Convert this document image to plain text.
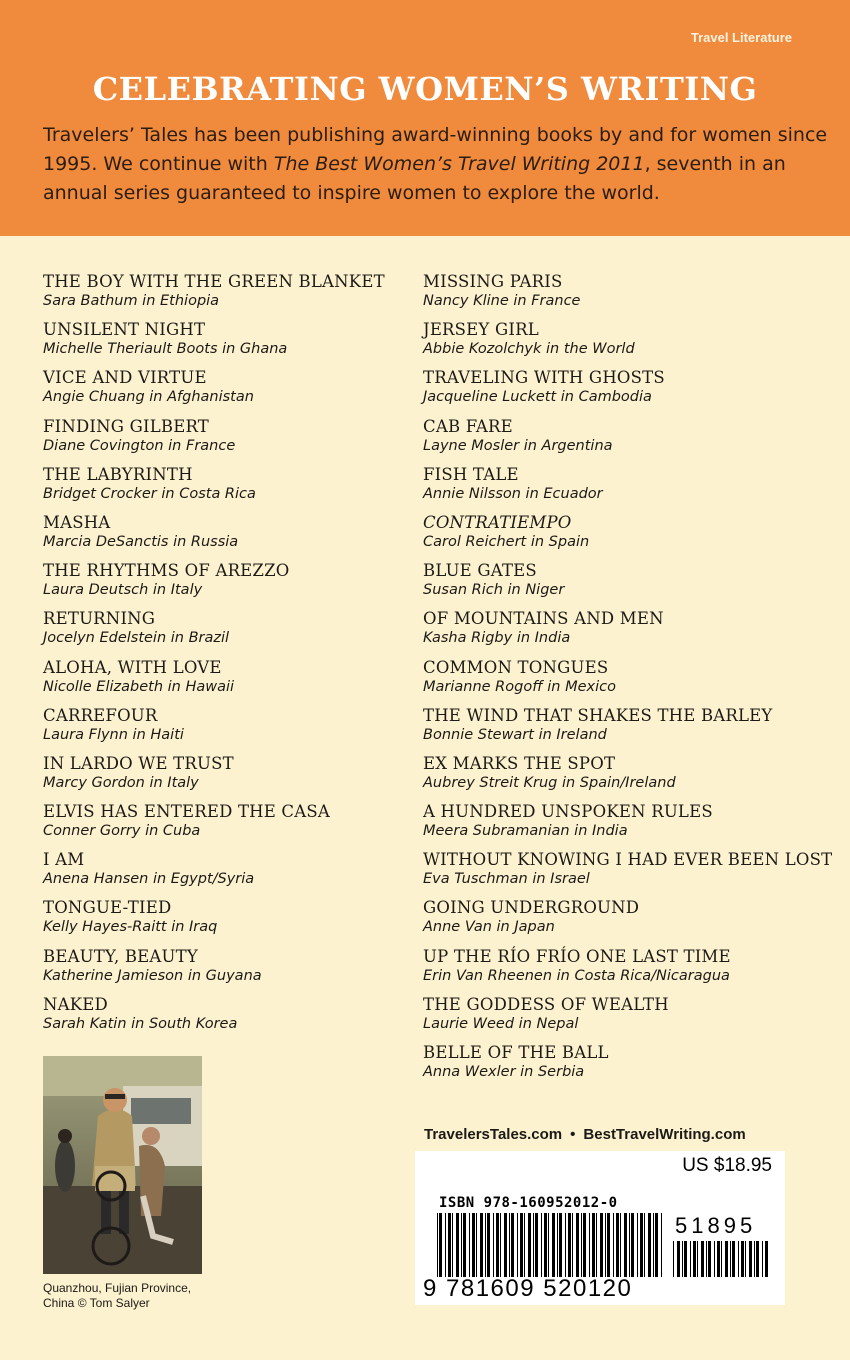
Travel Literature
CELEBRATING WOMEN’S WRITING
Travelers’ Tales has been publishing award-winning books by and for women since 1995. We continue with The Best Women’s Travel Writing 2011, seventh in an annual series guaranteed to inspire women to explore the world.
THE BOY WITH THE GREEN BLANKET
Sara Bathum in Ethiopia
UNSILENT NIGHT
Michelle Theriault Boots in Ghana
VICE AND VIRTUE
Angie Chuang in Afghanistan
FINDING GILBERT
Diane Covington in France
THE LABYRINTH
Bridget Crocker in Costa Rica
MASHA
Marcia DeSanctis in Russia
THE RHYTHMS OF AREZZO
Laura Deutsch in Italy
RETURNING
Jocelyn Edelstein in Brazil
ALOHA, WITH LOVE
Nicolle Elizabeth in Hawaii
CARREFOUR
Laura Flynn in Haiti
IN LARDO WE TRUST
Marcy Gordon in Italy
ELVIS HAS ENTERED THE CASA
Conner Gorry in Cuba
I AM
Anena Hansen in Egypt/Syria
TONGUE-TIED
Kelly Hayes-Raitt in Iraq
BEAUTY, BEAUTY
Katherine Jamieson in Guyana
NAKED
Sarah Katin in South Korea
MISSING PARIS
Nancy Kline in France
JERSEY GIRL
Abbie Kozolchyk in the World
TRAVELING WITH GHOSTS
Jacqueline Luckett in Cambodia
CAB FARE
Layne Mosler in Argentina
FISH TALE
Annie Nilsson in Ecuador
CONTRATIEMPO
Carol Reichert in Spain
BLUE GATES
Susan Rich in Niger
OF MOUNTAINS AND MEN
Kasha Rigby in India
COMMON TONGUES
Marianne Rogoff in Mexico
THE WIND THAT SHAKES THE BARLEY
Bonnie Stewart in Ireland
EX MARKS THE SPOT
Aubrey Streit Krug in Spain/Ireland
A HUNDRED UNSPOKEN RULES
Meera Subramanian in India
WITHOUT KNOWING I HAD EVER BEEN LOST
Eva Tuschman in Israel
GOING UNDERGROUND
Anne Van in Japan
UP THE RÍO FRÍO ONE LAST TIME
Erin Van Rheenen in Costa Rica/Nicaragua
THE GODDESS OF WEALTH
Laurie Weed in Nepal
BELLE OF THE BALL
Anna Wexler in Serbia
Quanzhou, Fujian Province,
China © Tom Salyer
TravelersTales.com • BestTravelWriting.com
US $18.95
ISBN 978-160952012-0
51895
9 781609 520120
